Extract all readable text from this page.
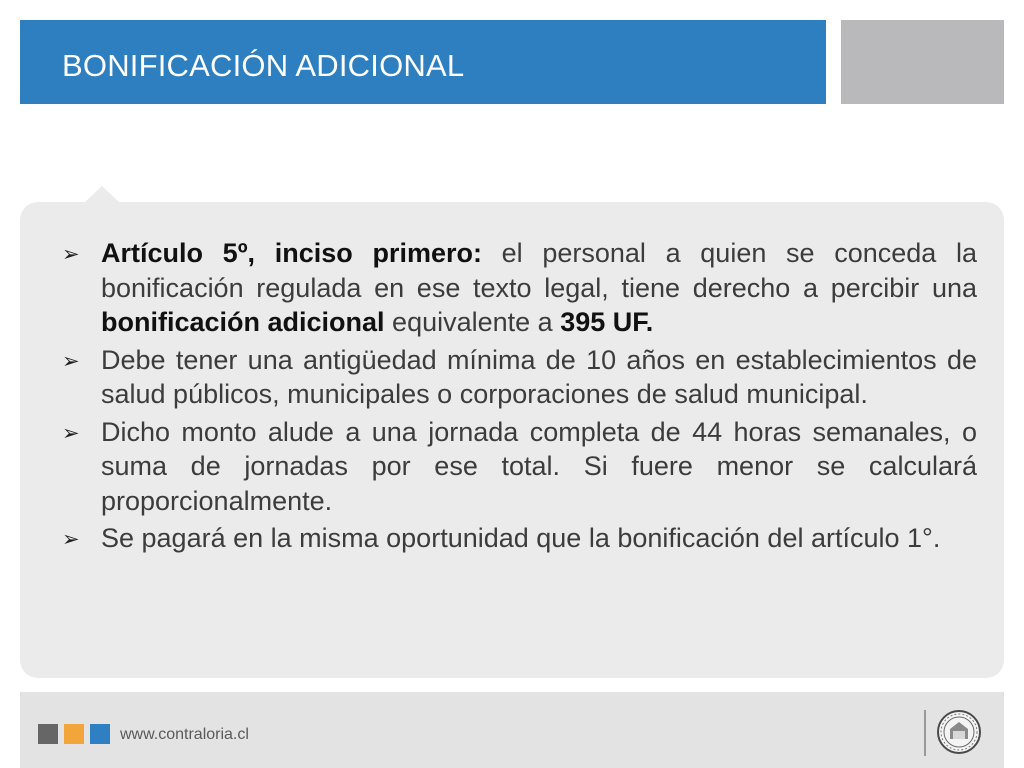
BONIFICACIÓN ADICIONAL
➢ Artículo 5º, inciso primero: el personal a quien se conceda la bonificación regulada en ese texto legal, tiene derecho a percibir una bonificación adicional equivalente a 395 UF.
➢ Debe tener una antigüedad mínima de 10 años en establecimientos de salud públicos, municipales o corporaciones de salud municipal.
➢ Dicho monto alude a una jornada completa de 44 horas semanales, o suma de jornadas por ese total. Si fuere menor se calculará proporcionalmente.
➢ Se pagará en la misma oportunidad que la bonificación del artículo 1°.
www.contraloria.cl
